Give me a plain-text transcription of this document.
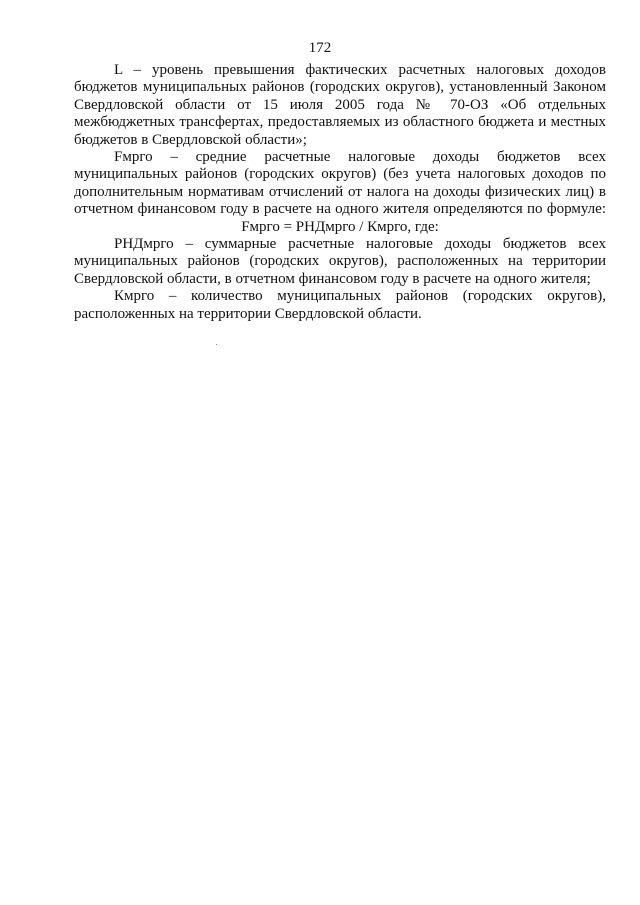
172

L – уровень превышения фактических расчетных налоговых доходов
бюджетов муниципальных районов (городских округов), установленный Законом
Свердловской области от 15 июля 2005 года № 70-ОЗ «Об отдельных
межбюджетных трансфертах, предоставляемых из областного бюджета и местных
бюджетов в Свердловской области»;

Fмрго – средние расчетные налоговые доходы бюджетов всех
муниципальных районов (городских округов) (без учета налоговых доходов по
дополнительным нормативам отчислений от налога на доходы физических лиц) в
отчетном финансовом году в расчете на одного жителя определяются по формуле:

Fмрго = РНДмрго / Кмрго, где:

РНДмрго – суммарные расчетные налоговые доходы бюджетов всех
муниципальных районов (городских округов), расположенных на территории
Свердловской области, в отчетном финансовом году в расчете на одного жителя;

Кмрго – количество муниципальных районов (городских округов),
расположенных на территории Свердловской области.
